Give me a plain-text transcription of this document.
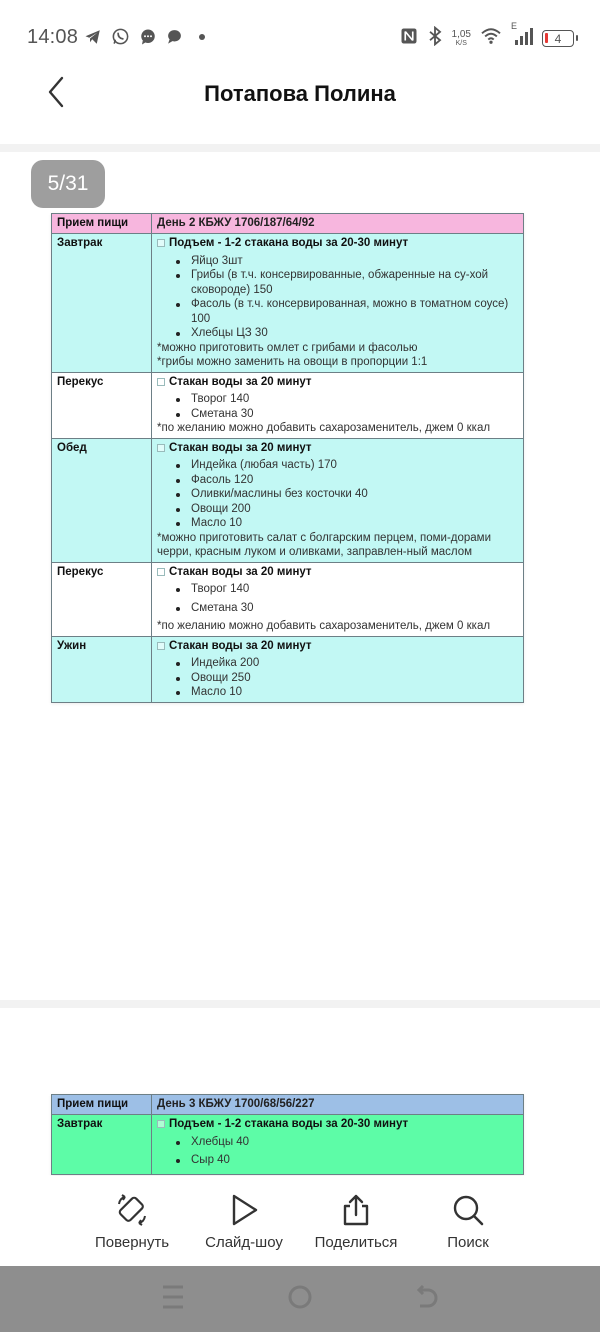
14:08	1,05
K/S
E
4
Потапова Полина
5/31
Прием пищи	День 2 КБЖУ 1706/187/64/92
Завтрак	Подъем - 1-2 стакана воды за 20-30 минут
Яйцо 3шт
Грибы (в т.ч. консервированные, обжаренные на су-хой сковороде) 150
Фасоль (в т.ч. консервированная, можно в томатном соусе) 100
Хлебцы ЦЗ 30
*можно приготовить омлет с грибами и фасолью
*грибы можно заменить на овощи в пропорции 1:1

Перекус	Стакан воды за 20 минут
Творог 140
Сметана 30
*по желанию можно добавить сахарозаменитель, джем 0 ккал

Обед	Стакан воды за 20 минут
Индейка (любая часть) 170
Фасоль 120
Оливки/маслины без косточки 40
Овощи 200
Масло 10
*можно приготовить салат с болгарским перцем, поми-дорами черри, красным луком и оливками, заправлен-ный маслом

Перекус	Стакан воды за 20 минут
Творог 140
Сметана 30
*по желанию можно добавить сахарозаменитель, джем 0 ккал

Ужин	Стакан воды за 20 минут
Индейка 200
Овощи 250
Масло 10
Прием пищи	День 3 КБЖУ 1700/68/56/227
Завтрак	Подъем - 1-2 стакана воды за 20-30 минут
Хлебцы 40
Сыр 40
Повернуть Слайд-шоу Поделиться	Поиск
